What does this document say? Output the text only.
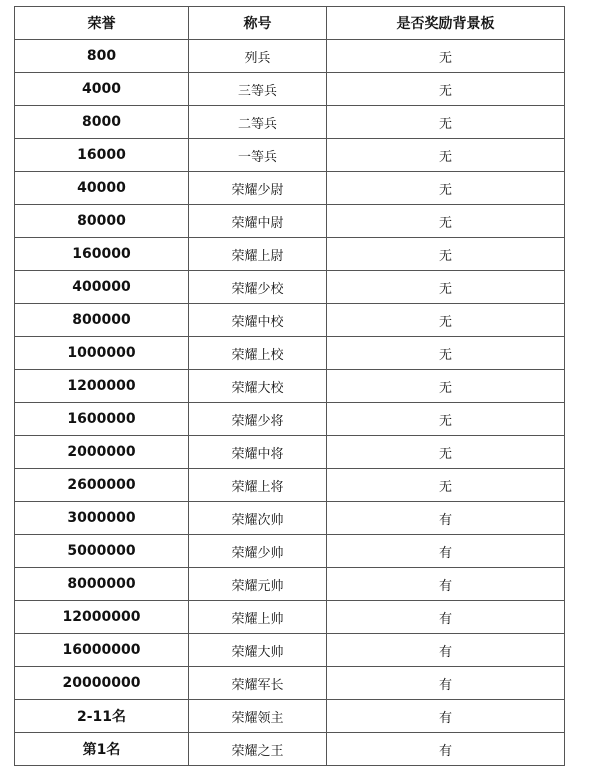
荣誉	称号	是否奖励背景板
800	列兵	无
4000	三等兵	无
8000	二等兵	无
16000	一等兵	无
40000	荣耀少尉	无
80000	荣耀中尉	无
160000	荣耀上尉	无
400000	荣耀少校	无
800000	荣耀中校	无
1000000	荣耀上校	无
1200000	荣耀大校	无
1600000	荣耀少将	无
2000000	荣耀中将	无
2600000	荣耀上将	无
3000000	荣耀次帅	有
5000000	荣耀少帅	有
8000000	荣耀元帅	有
12000000	荣耀上帅	有
16000000	荣耀大帅	有
20000000	荣耀军长	有
2-11名	荣耀领主	有
第1名	荣耀之王	有
